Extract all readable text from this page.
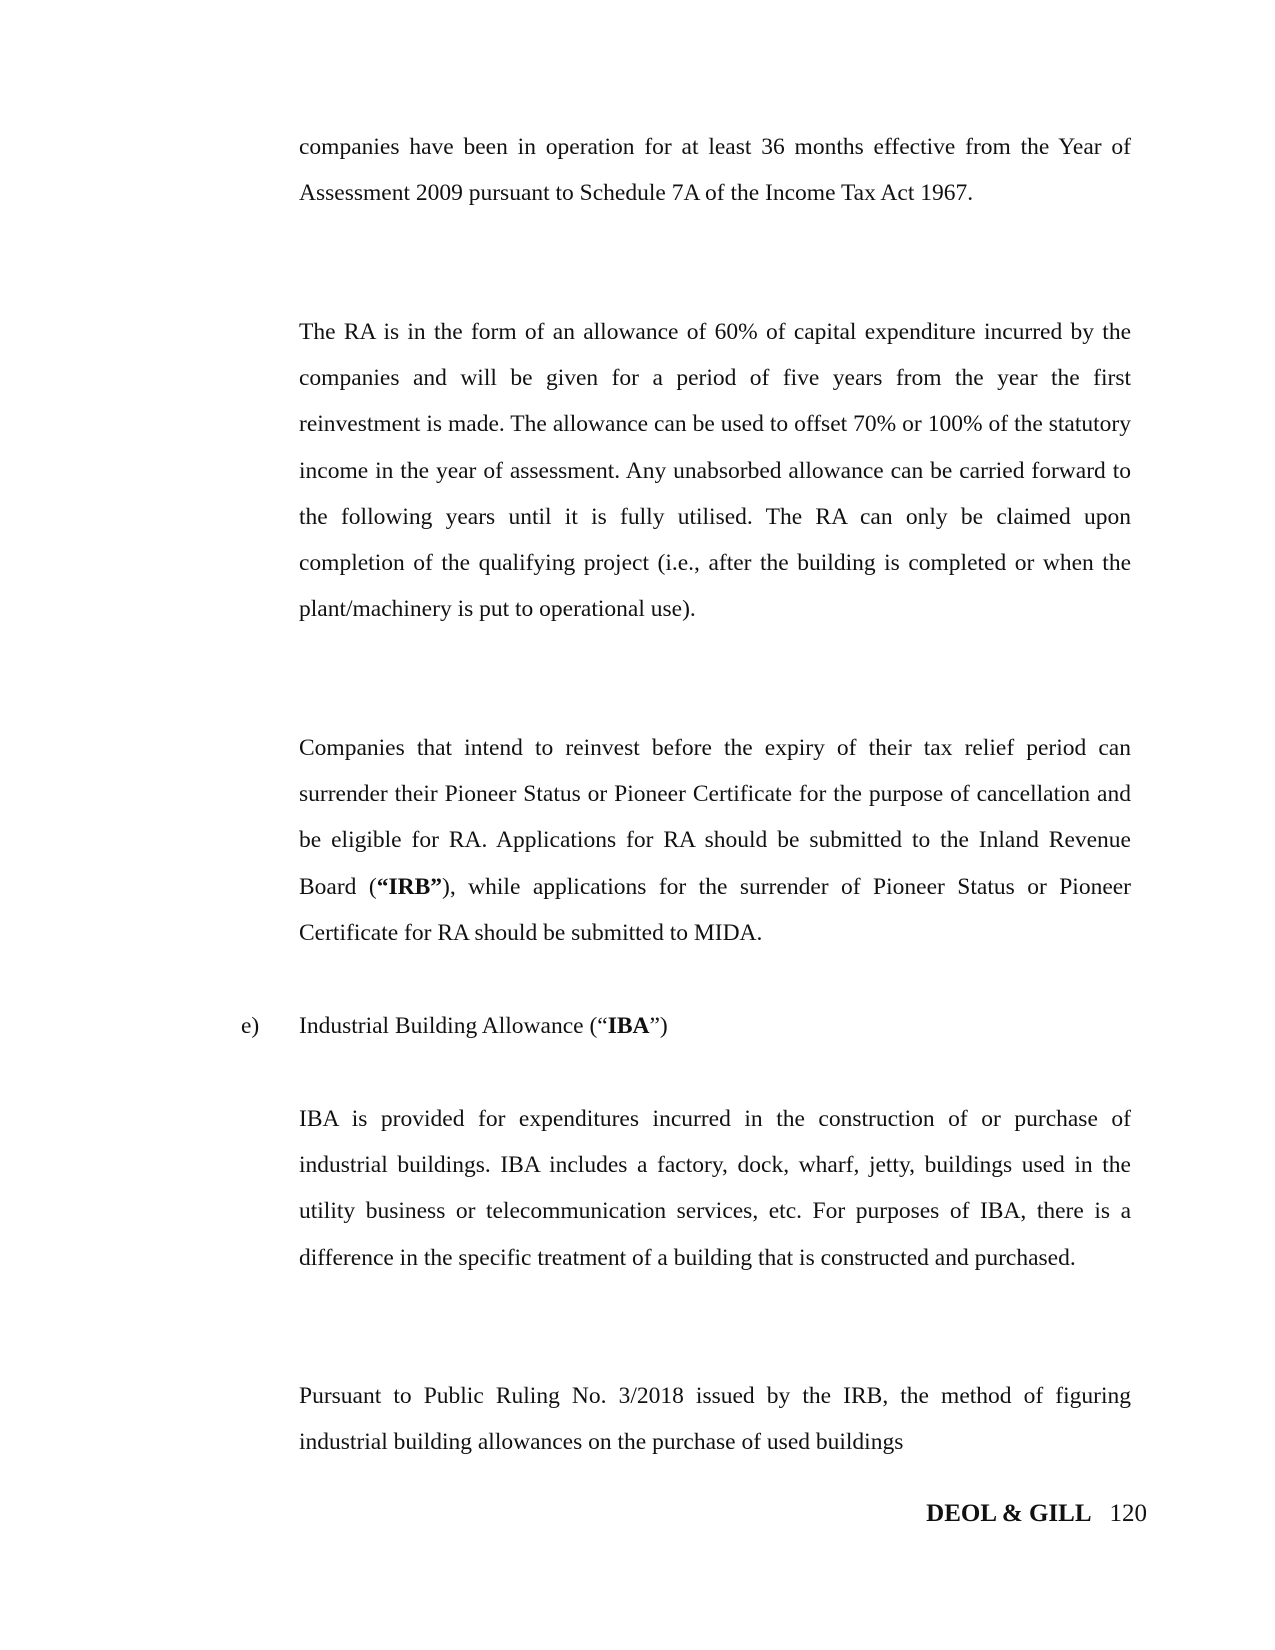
companies have been in operation for at least 36 months effective from the Year of Assessment 2009 pursuant to Schedule 7A of the Income Tax Act 1967.

The RA is in the form of an allowance of 60% of capital expenditure incurred by the companies and will be given for a period of five years from the year the first reinvestment is made. The allowance can be used to offset 70% or 100% of the statutory income in the year of assessment. Any unabsorbed allowance can be carried forward to the following years until it is fully utilised. The RA can only be claimed upon completion of the qualifying project (i.e., after the building is completed or when the plant/machinery is put to operational use).

Companies that intend to reinvest before the expiry of their tax relief period can surrender their Pioneer Status or Pioneer Certificate for the purpose of cancellation and be eligible for RA. Applications for RA should be submitted to the Inland Revenue Board (“IRB”), while applications for the surrender of Pioneer Status or Pioneer Certificate for RA should be submitted to MIDA.

e) Industrial Building Allowance (“IBA”)

IBA is provided for expenditures incurred in the construction of or purchase of industrial buildings. IBA includes a factory, dock, wharf, jetty, buildings used in the utility business or telecommunication services, etc. For purposes of IBA, there is a difference in the specific treatment of a building that is constructed and purchased.

Pursuant to Public Ruling No. 3/2018 issued by the IRB, the method of figuring industrial building allowances on the purchase of used buildings

DEOL & GILL 120
